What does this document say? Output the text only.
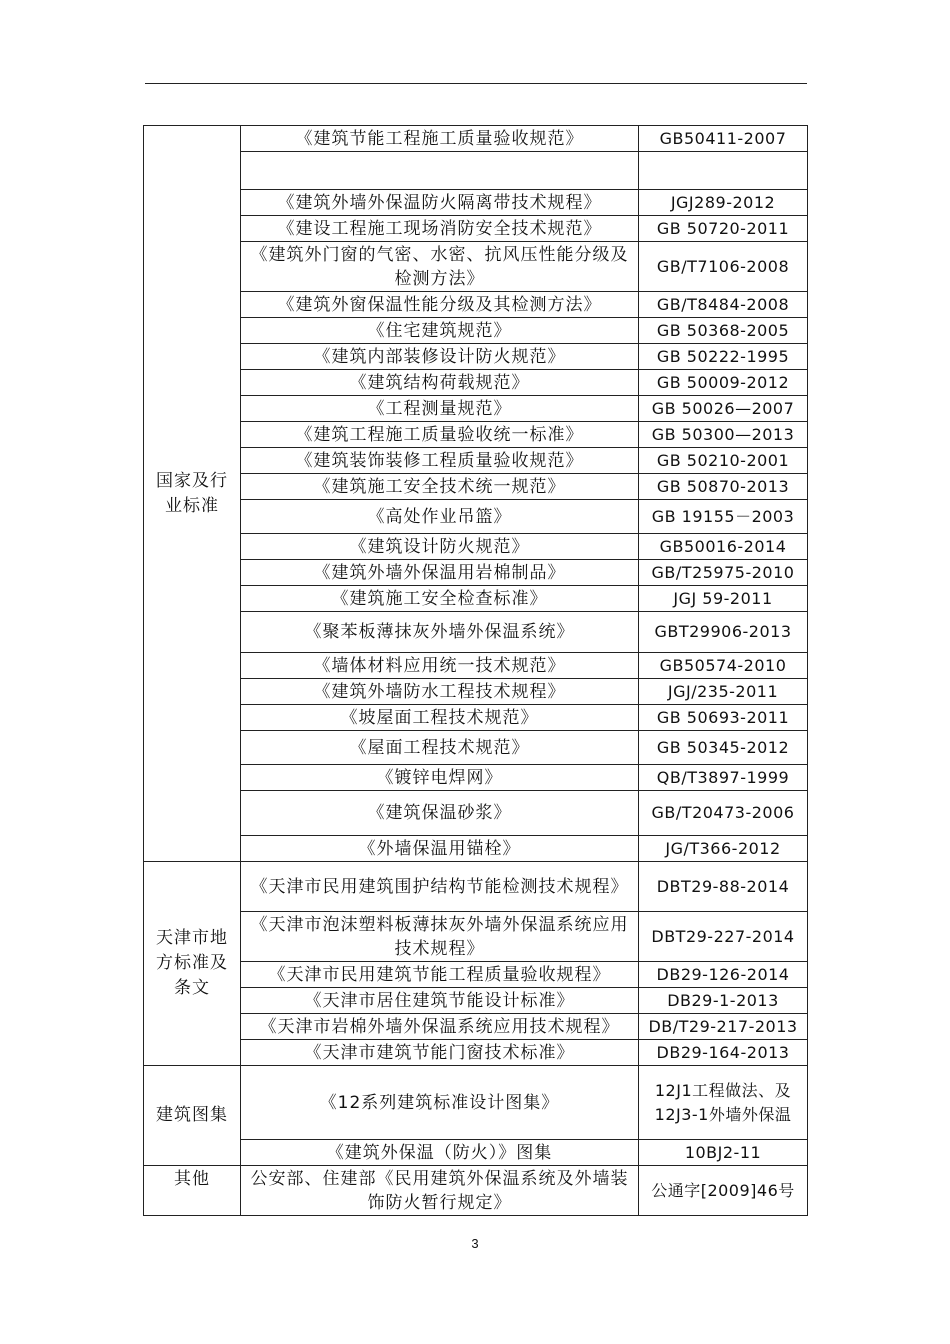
国家及行业标准	《建筑节能工程施工质量验收规范》	GB50411-2007

	《建筑外墙外保温防火隔离带技术规程》	JGJ289-2012
	《建设工程施工现场消防安全技术规范》	GB 50720-2011
	《建筑外门窗的气密、水密、抗风压性能分级及检测方法》	GB/T7106-2008
	《建筑外窗保温性能分级及其检测方法》	GB/T8484-2008
	《住宅建筑规范》	GB 50368-2005
	《建筑内部装修设计防火规范》	GB 50222-1995
	《建筑结构荷载规范》	GB 50009-2012
	《工程测量规范》	GB 50026—2007
	《建筑工程施工质量验收统一标准》	GB 50300—2013
	《建筑装饰装修工程质量验收规范》	GB 50210-2001
	《建筑施工安全技术统一规范》	GB 50870-2013
	《高处作业吊篮》	GB 19155－2003
	《建筑设计防火规范》	GB50016-2014
	《建筑外墙外保温用岩棉制品》	GB/T25975-2010
	《建筑施工安全检查标准》	JGJ 59-2011
	《聚苯板薄抹灰外墙外保温系统》	GBT29906-2013
	《墙体材料应用统一技术规范》	GB50574-2010
	《建筑外墙防水工程技术规程》	JGJ/235-2011
	《坡屋面工程技术规范》	GB 50693-2011
	《屋面工程技术规范》	GB 50345-2012
	《镀锌电焊网》	QB/T3897-1999
	《建筑保温砂浆》	GB/T20473-2006
	《外墙保温用锚栓》	JG/T366-2012
天津市地方标准及条文	《天津市民用建筑围护结构节能检测技术规程》	DBT29-88-2014
	《天津市泡沫塑料板薄抹灰外墙外保温系统应用技术规程》	DBT29-227-2014
	《天津市民用建筑节能工程质量验收规程》	DB29-126-2014
	《天津市居住建筑节能设计标准》	DB29-1-2013
	《天津市岩棉外墙外保温系统应用技术规程》	DB/T29-217-2013
	《天津市建筑节能门窗技术标准》	DB29-164-2013
建筑图集	《12系列建筑标准设计图集》	12J1工程做法、及12J3-1外墙外保温
	《建筑外保温（防火）》图集	10BJ2-11
其他	公安部、住建部《民用建筑外保温系统及外墙装饰防火暂行规定》	公通字[2009]46号
3
